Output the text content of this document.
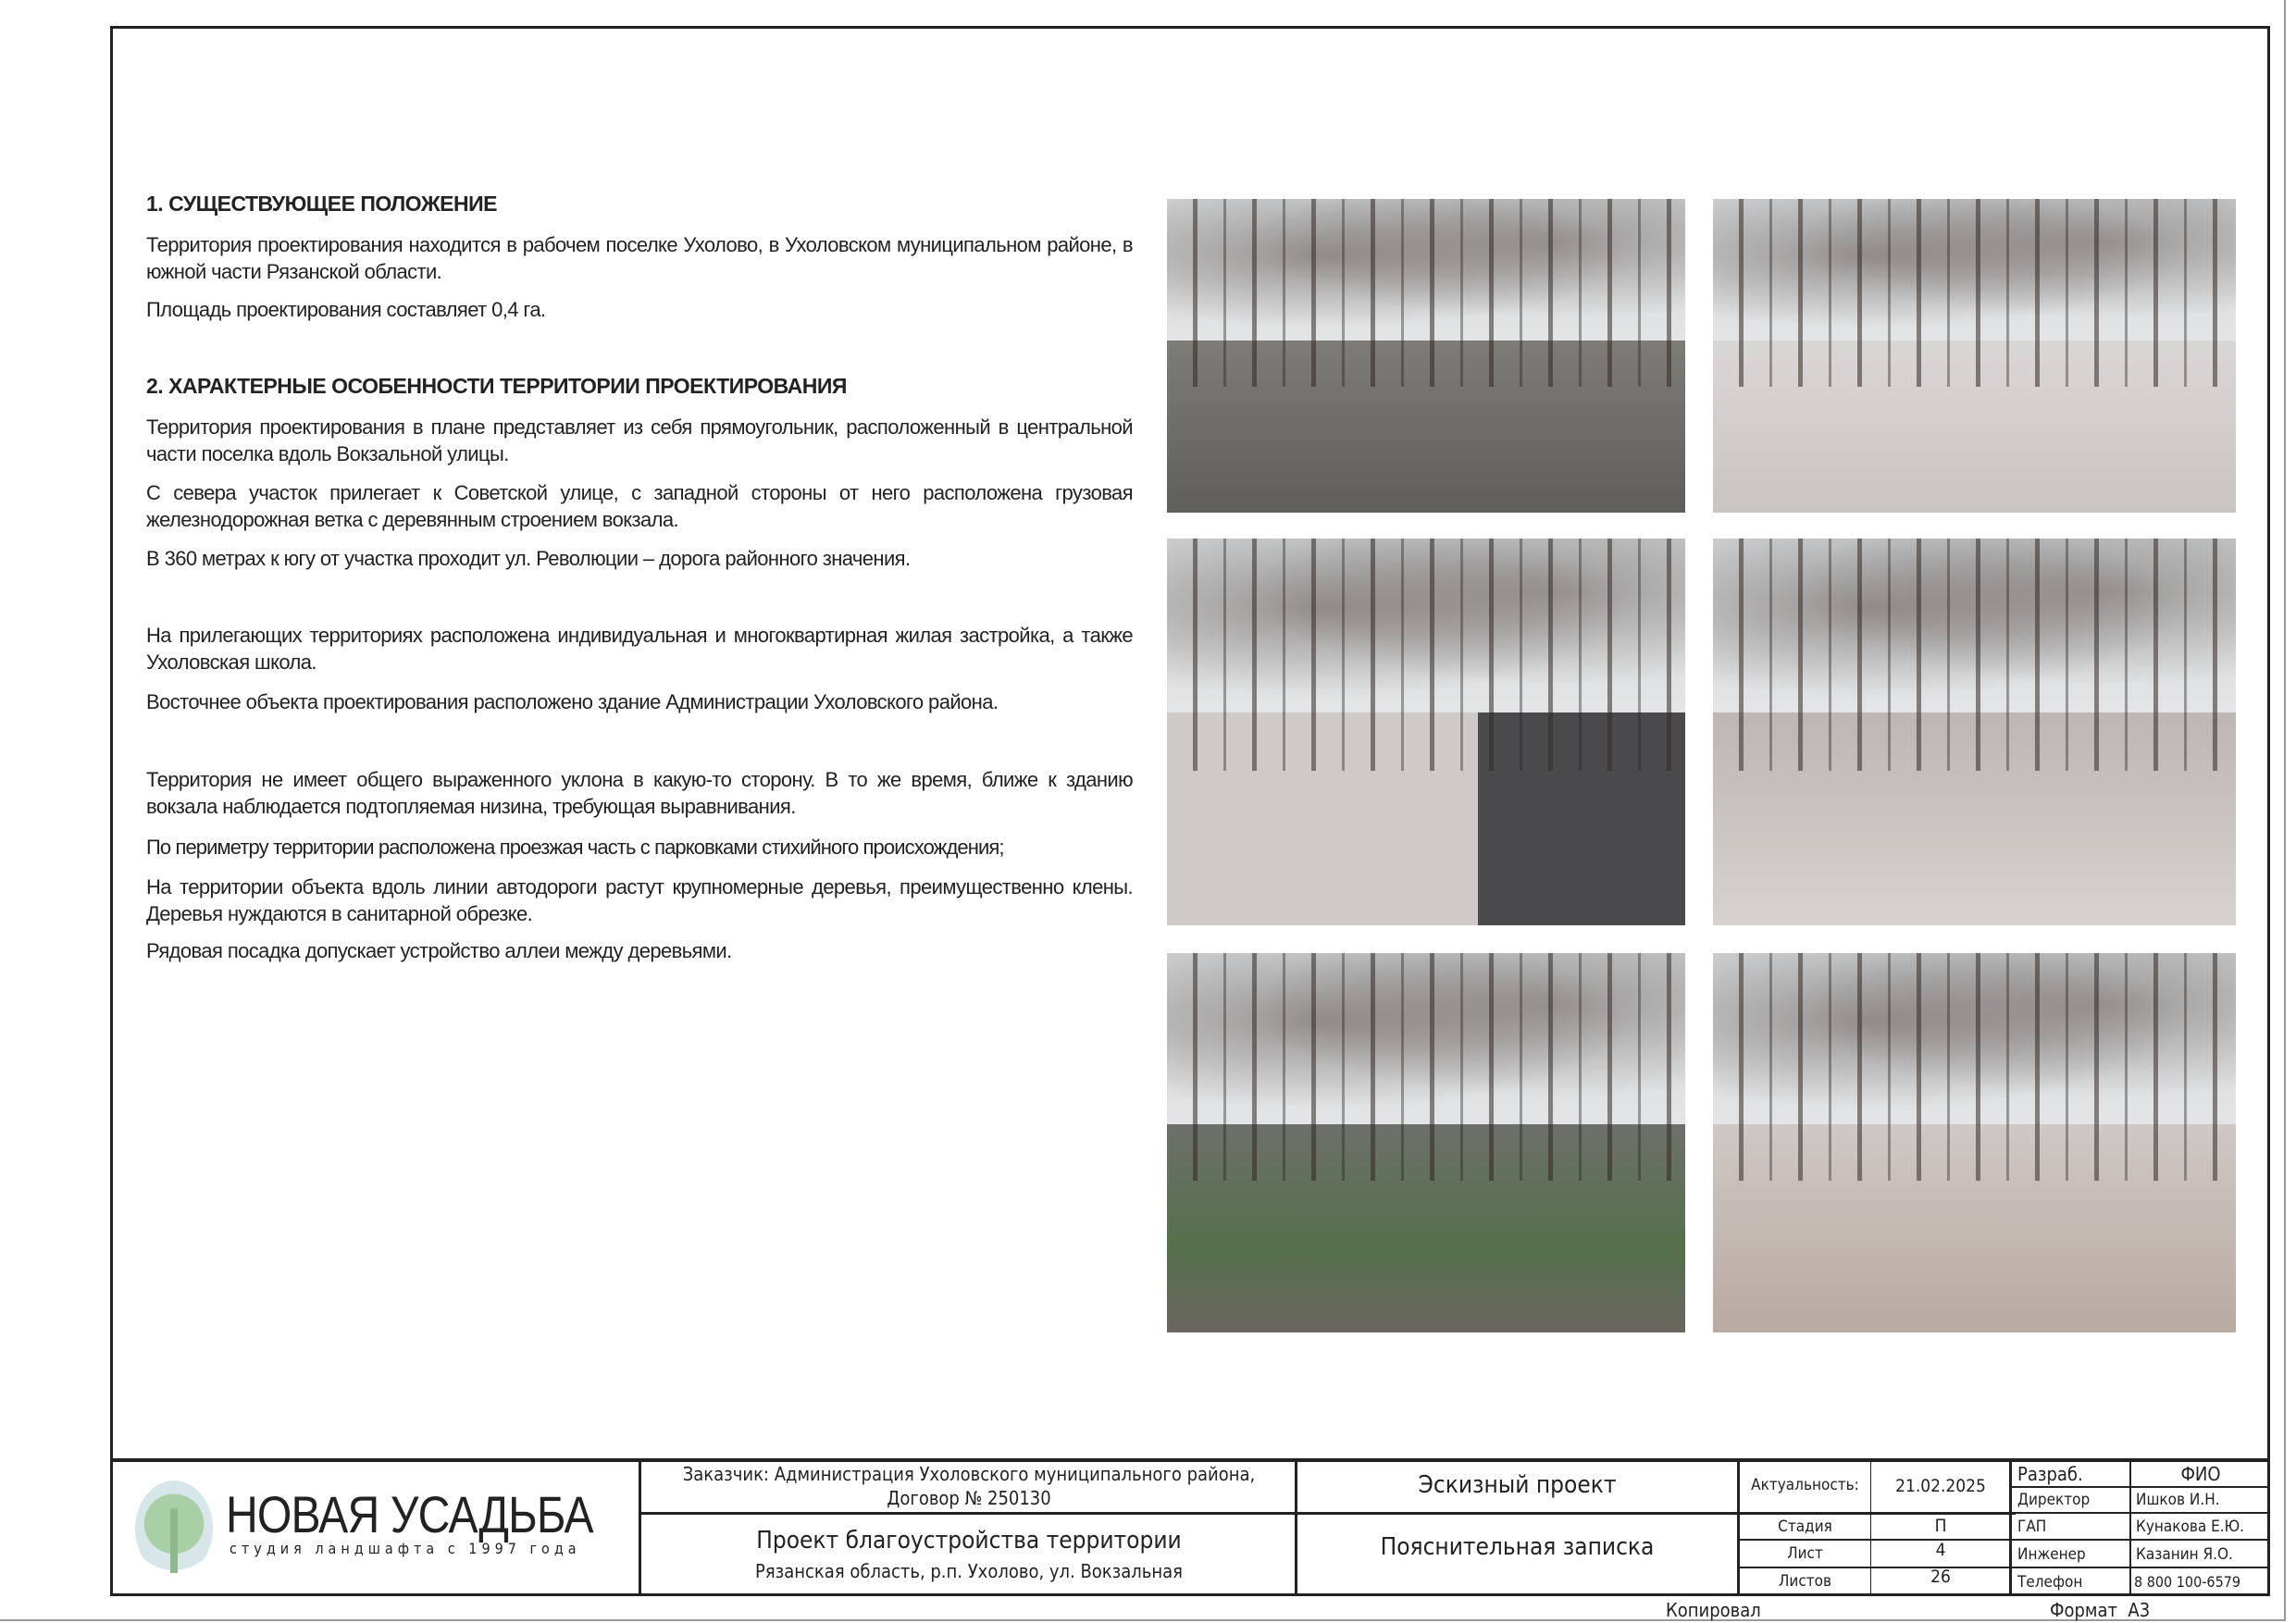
1. СУЩЕСТВУЮЩЕЕ ПОЛОЖЕНИЕ
Территория проектирования находится в рабочем поселке Ухолово, в Ухоловском муниципальном районе, в южной части Рязанской области.
Площадь проектирования составляет 0,4 га.
2. ХАРАКТЕРНЫЕ ОСОБЕННОСТИ ТЕРРИТОРИИ ПРОЕКТИРОВАНИЯ
Территория проектирования в плане представляет из себя прямоугольник, расположенный в центральной части поселка вдоль Вокзальной улицы.
С севера участок прилегает к Советской улице, с западной стороны от него расположена грузовая железнодорожная ветка с деревянным строением вокзала.
В 360 метрах к югу от участка проходит ул. Революции – дорога районного значения.
На прилегающих территориях расположена индивидуальная и многоквартирная жилая застройка, а также Ухоловская школа.
Восточнее объекта проектирования расположено здание Администрации Ухоловского района.
Территория не имеет общего выраженного уклона в какую-то сторону. В то же время, ближе к зданию вокзала наблюдается подтопляемая низина, требующая выравнивания.
По периметру территории расположена проезжая часть с парковками стихийного происхождения;
На территории объекта вдоль линии автодороги растут крупномерные деревья, преимущественно клены. Деревья нуждаются в санитарной обрезке.
Рядовая посадка допускает устройство аллеи между деревьями.
НОВАЯ УСАДЬБА
студия ландшафта с 1997 года
Заказчик: Администрация Ухоловского муниципального района,
Договор № 250130
Проект благоустройства территории
Рязанская область, р.п. Ухолово, ул. Вокзальная
Эскизный проект
Пояснительная записка
Актуальность:	21.02.2025
Стадия	П
Лист	4
Листов	26
Разраб.	ФИО
Директор	Ишков И.Н.
ГАП	Кунакова Е.Ю.
Инженер	Казанин Я.О.
Телефон	8 800 100-6579
Копировал	Формат  А3
